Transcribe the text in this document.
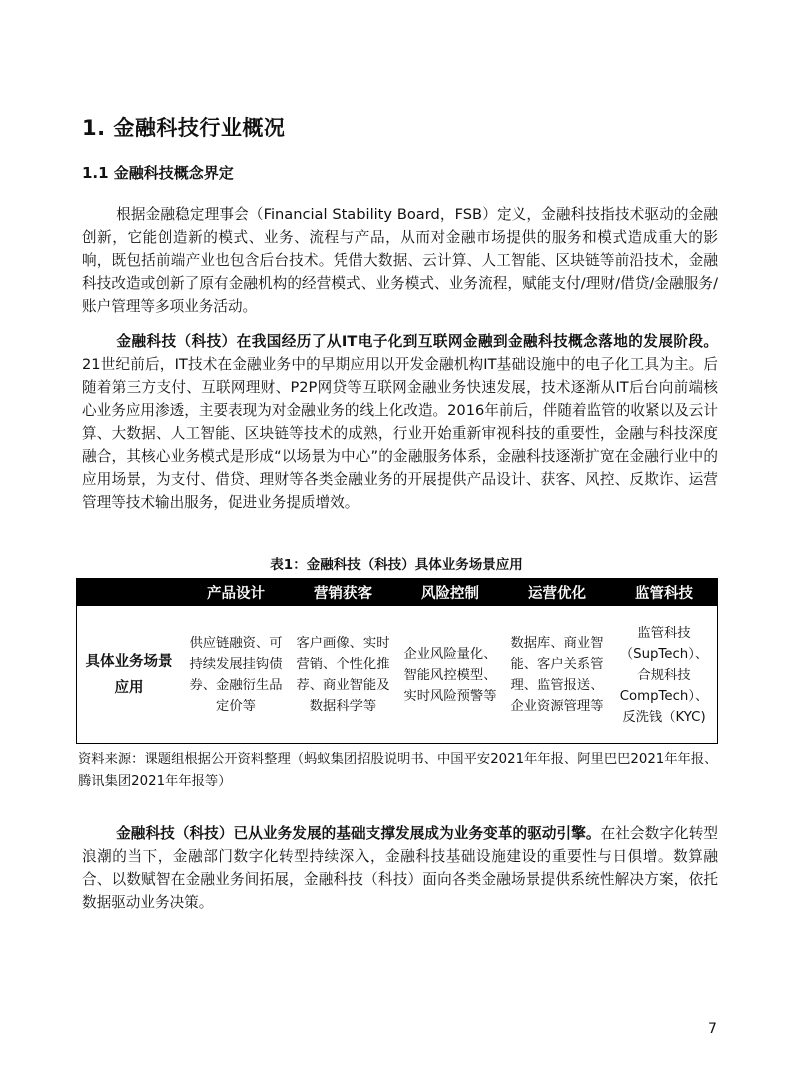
1. 金融科技行业概况
1.1 金融科技概念界定

根据金融稳定理事会（Financial Stability Board，FSB）定义，金融科技指技术驱动的金融创新，它能创造新的模式、业务、流程与产品，从而对金融市场提供的服务和模式造成重大的影响，既包括前端产业也包含后台技术。凭借大数据、云计算、人工智能、区块链等前沿技术，金融科技改造或创新了原有金融机构的经营模式、业务模式、业务流程，赋能支付/理财/借贷/金融服务/账户管理等多项业务活动。

金融科技（科技）在我国经历了从IT电子化到互联网金融到金融科技概念落地的发展阶段。21世纪前后，IT技术在金融业务中的早期应用以开发金融机构IT基础设施中的电子化工具为主。后随着第三方支付、互联网理财、P2P网贷等互联网金融业务快速发展，技术逐渐从IT后台向前端核心业务应用渗透，主要表现为对金融业务的线上化改造。2016年前后，伴随着监管的收紧以及云计算、大数据、人工智能、区块链等技术的成熟，行业开始重新审视科技的重要性，金融与科技深度融合，其核心业务模式是形成“以场景为中心”的金融服务体系，金融科技逐渐扩宽在金融行业中的应用场景，为支付、借贷、理财等各类金融业务的开展提供产品设计、获客、风控、反欺诈、运营管理等技术输出服务，促进业务提质增效。

表1：金融科技（科技）具体业务场景应用
	产品设计	营销获客	风险控制	运营优化	监管科技
具体业务场景应用	供应链融资、可持续发展挂钩债券、金融衍生品定价等	客户画像、实时营销、个性化推荐、商业智能及数据科学等	企业风险量化、智能风控模型、实时风险预警等	数据库、商业智能、客户关系管理、监管报送、企业资源管理等	监管科技（SupTech）、合规科技CompTech）、反洗钱（KYC)

资料来源：课题组根据公开资料整理（蚂蚁集团招股说明书、中国平安2021年年报、阿里巴巴2021年年报、腾讯集团2021年年报等）

金融科技（科技）已从业务发展的基础支撑发展成为业务变革的驱动引擎。在社会数字化转型浪潮的当下，金融部门数字化转型持续深入，金融科技基础设施建设的重要性与日俱增。数算融合、以数赋智在金融业务间拓展，金融科技（科技）面向各类金融场景提供系统性解决方案，依托数据驱动业务决策。

7
